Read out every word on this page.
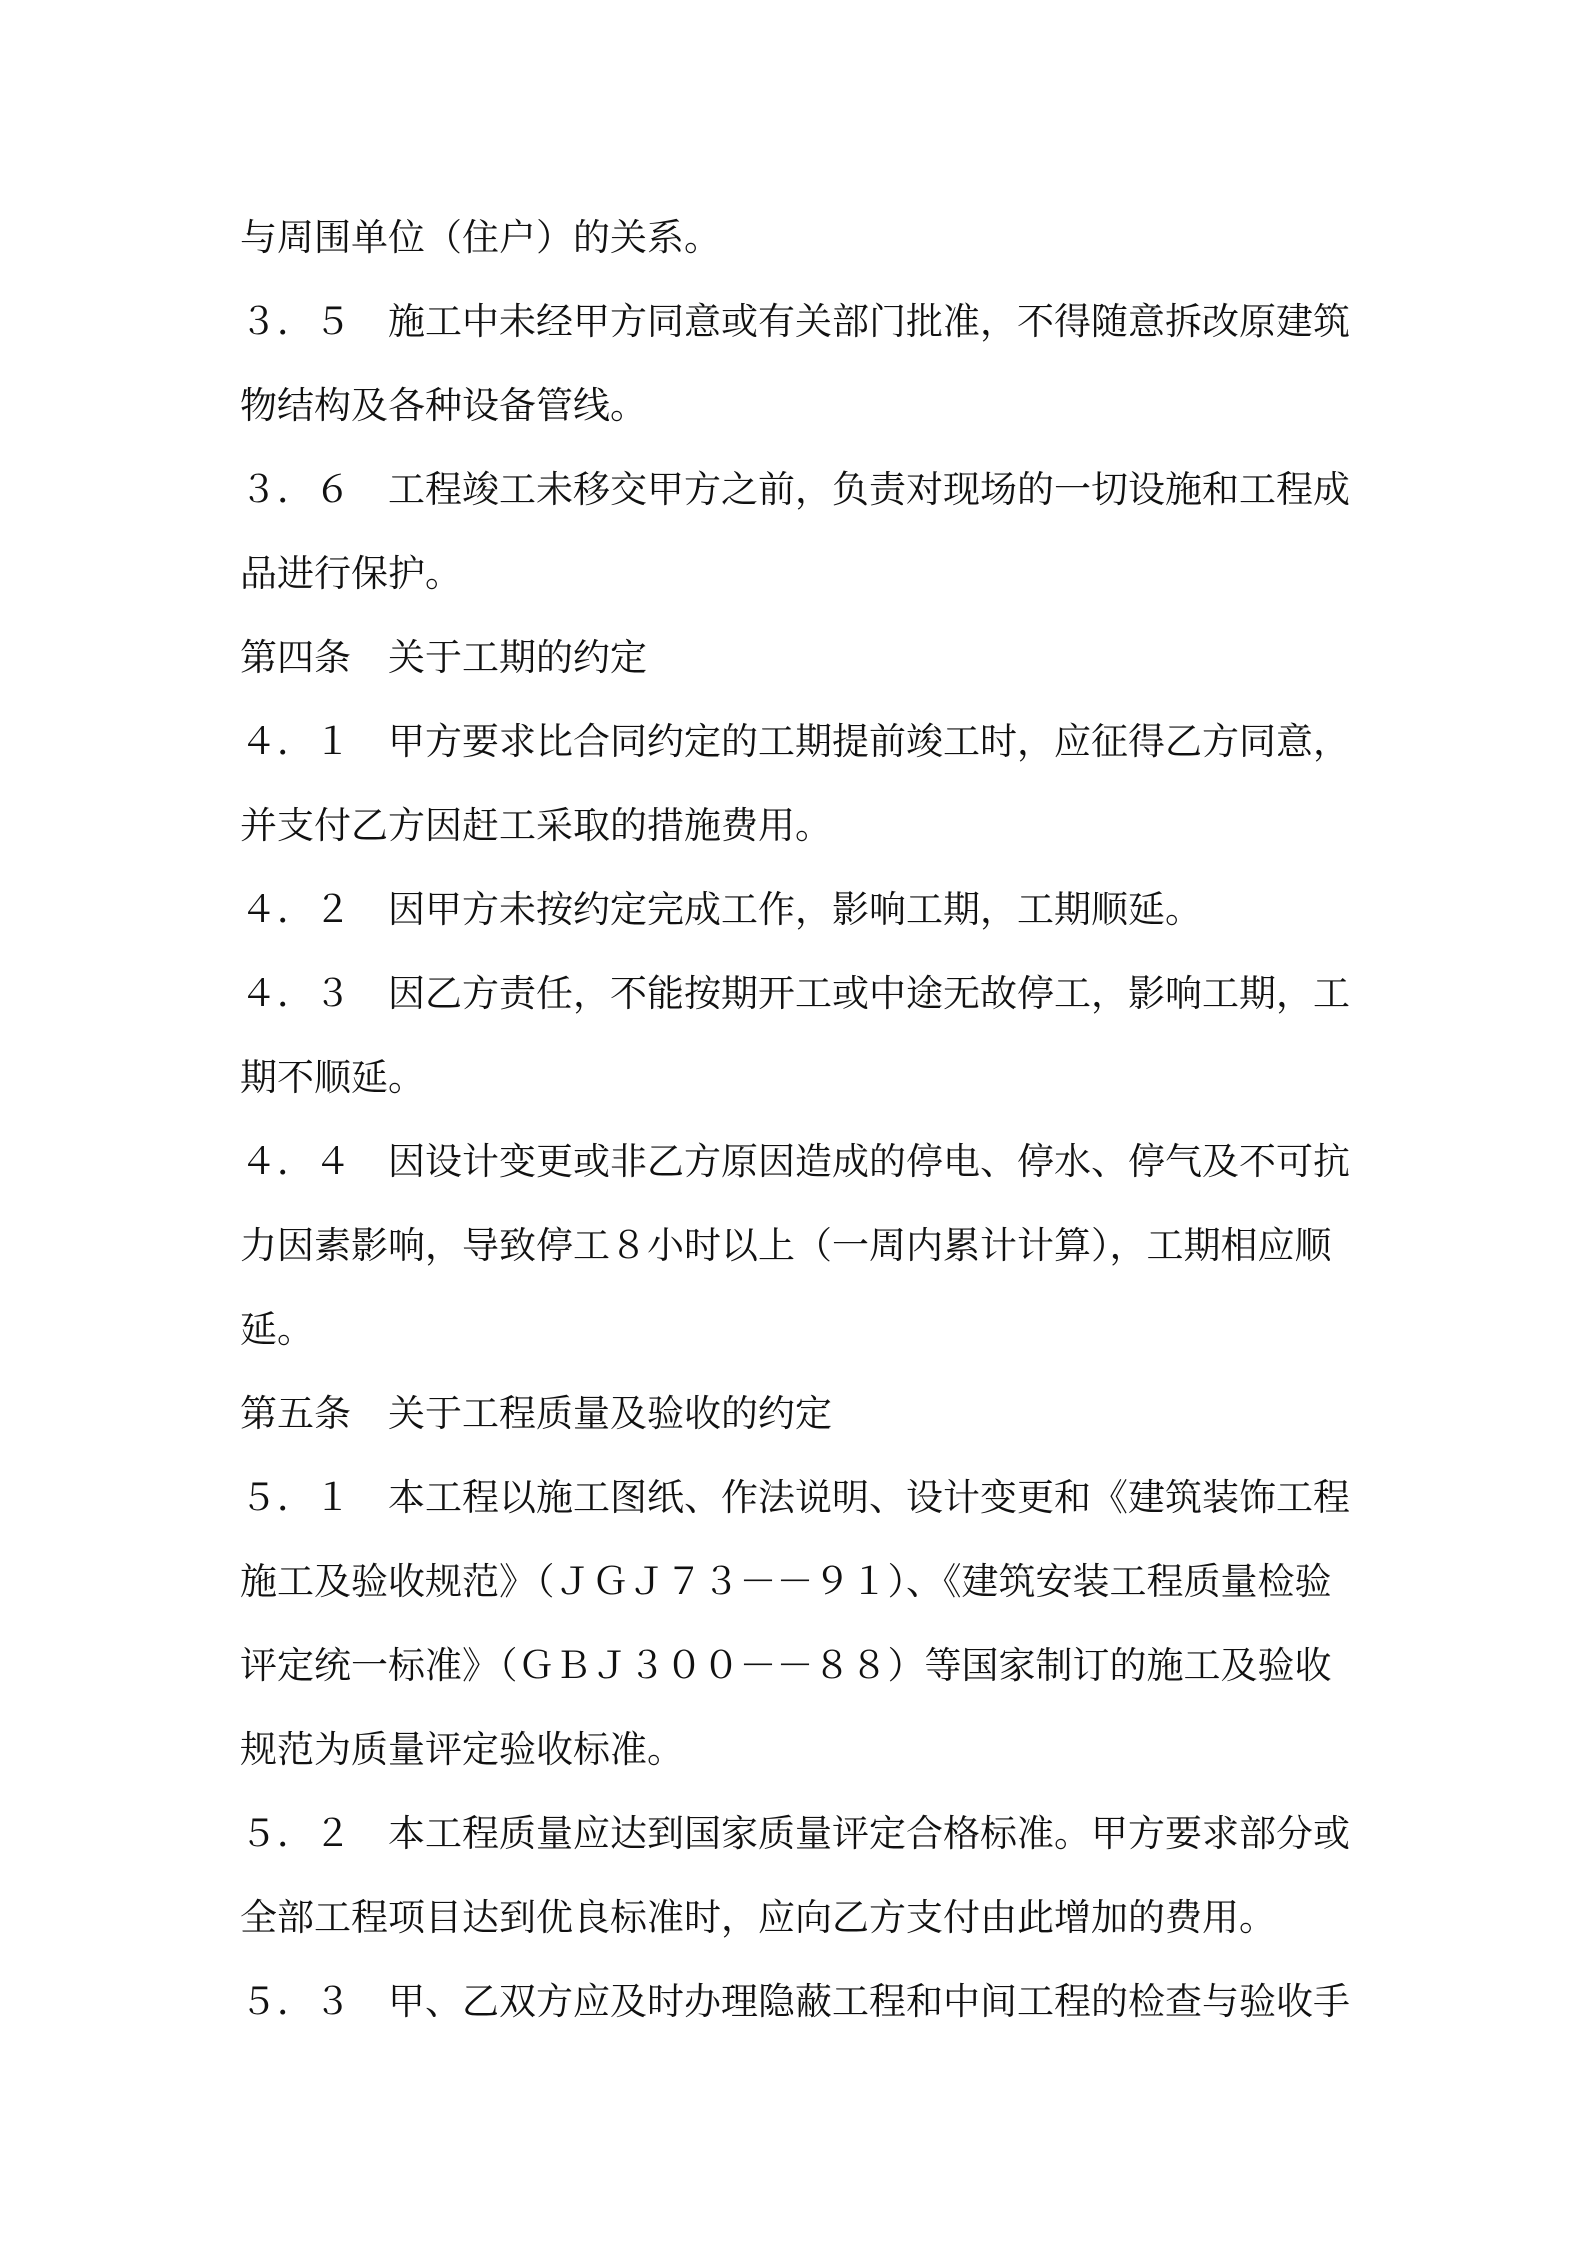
与周围单位（住户）的关系。
３．５　施工中未经甲方同意或有关部门批准，不得随意拆改原建筑
物结构及各种设备管线。
３．６　工程竣工未移交甲方之前，负责对现场的一切设施和工程成
品进行保护。
第四条　关于工期的约定
４．１　甲方要求比合同约定的工期提前竣工时，应征得乙方同意，
并支付乙方因赶工采取的措施费用。
４．２　因甲方未按约定完成工作，影响工期，工期顺延。
４．３　因乙方责任，不能按期开工或中途无故停工，影响工期，工
期不顺延。
４．４　因设计变更或非乙方原因造成的停电、停水、停气及不可抗
力因素影响，导致停工８小时以上（一周内累计计算），工期相应顺
延。
第五条　关于工程质量及验收的约定
５．１　本工程以施工图纸、作法说明、设计变更和《建筑装饰工程
施工及验收规范》（ＪＧＪ７３－－９１）、《建筑安装工程质量检验
评定统一标准》（ＧＢＪ３００－－８８）等国家制订的施工及验收
规范为质量评定验收标准。
５．２　本工程质量应达到国家质量评定合格标准。甲方要求部分或
全部工程项目达到优良标准时，应向乙方支付由此增加的费用。
５．３　甲、乙双方应及时办理隐蔽工程和中间工程的检查与验收手
